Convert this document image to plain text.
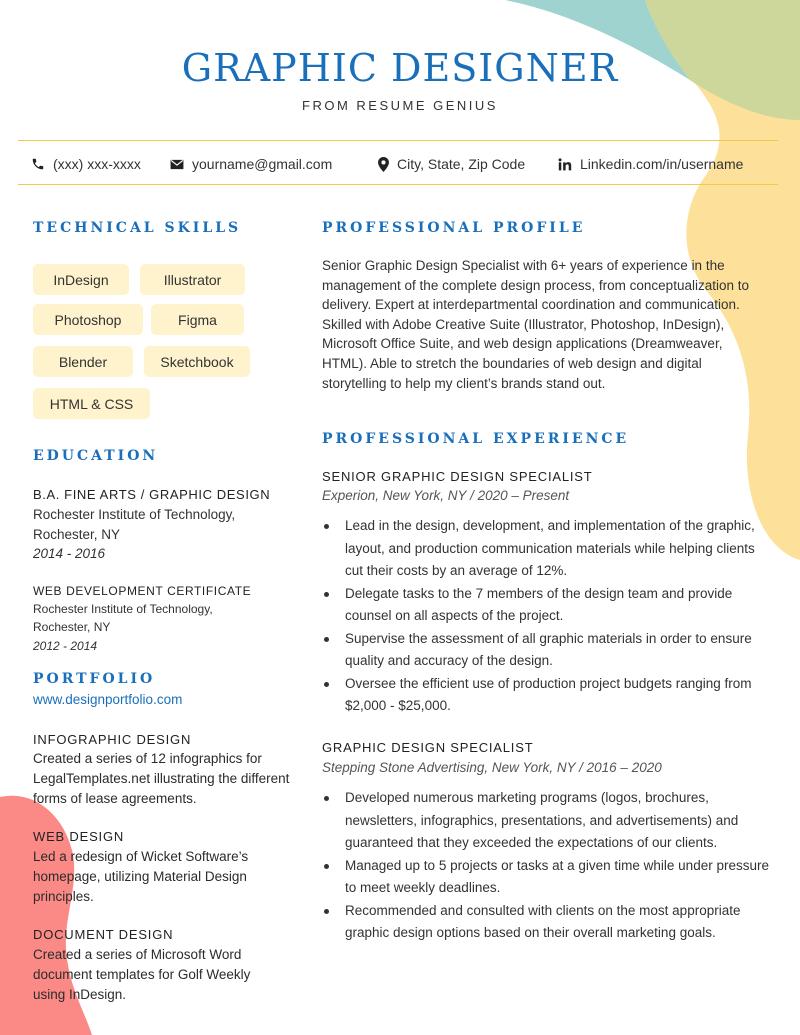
GRAPHIC DESIGNER
FROM RESUME GENIUS
(xxx) xxx-xxxx	yourname@gmail.com	City, State, Zip Code	Linkedin.com/in/username
TECHNICAL SKILLS
InDesign	Illustrator
Photoshop	Figma
Blender	Sketchbook
HTML & CSS
EDUCATION
B.A. FINE ARTS / GRAPHIC DESIGN
Rochester Institute of Technology,
Rochester, NY
2014 - 2016
WEB DEVELOPMENT CERTIFICATE
Rochester Institute of Technology,
Rochester, NY
2012 - 2014
PORTFOLIO
www.designportfolio.com
INFOGRAPHIC DESIGN
Created a series of 12 infographics for LegalTemplates.net illustrating the different forms of lease agreements.
WEB DESIGN
Led a redesign of Wicket Software’s homepage, utilizing Material Design principles.
DOCUMENT DESIGN
Created a series of Microsoft Word document templates for Golf Weekly using InDesign.
PROFESSIONAL PROFILE

Senior Graphic Design Specialist with 6+ years of experience in the management of the complete design process, from conceptualization to delivery. Expert at interdepartmental coordination and communication. Skilled with Adobe Creative Suite (Illustrator, Photoshop, InDesign), Microsoft Office Suite, and web design applications (Dreamweaver, HTML). Able to stretch the boundaries of web design and digital storytelling to help my client’s brands stand out.

PROFESSIONAL EXPERIENCE
SENIOR GRAPHIC DESIGN SPECIALIST
Experion, New York, NY / 2020 – Present
Lead in the design, development, and implementation of the graphic, layout, and production communication materials while helping clients cut their costs by an average of 12%.
Delegate tasks to the 7 members of the design team and provide counsel on all aspects of the project.
Supervise the assessment of all graphic materials in order to ensure quality and accuracy of the design.
Oversee the efficient use of production project budgets ranging from $2,000 - $25,000.
GRAPHIC DESIGN SPECIALIST
Stepping Stone Advertising, New York, NY / 2016 – 2020
Developed numerous marketing programs (logos, brochures, newsletters, infographics, presentations, and advertisements) and guaranteed that they exceeded the expectations of our clients.
Managed up to 5 projects or tasks at a given time while under pressure to meet weekly deadlines.
Recommended and consulted with clients on the most appropriate graphic design options based on their overall marketing goals.
